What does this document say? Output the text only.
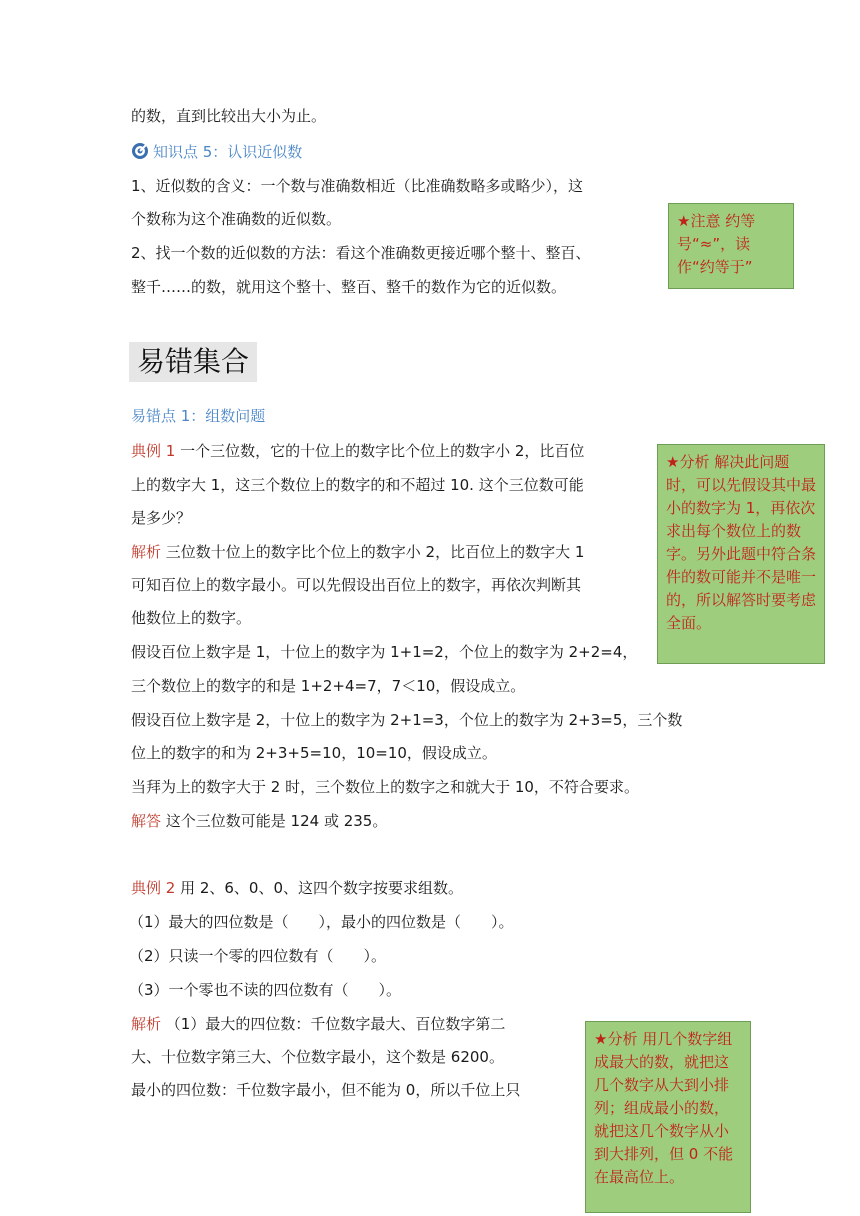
的数，直到比较出大小为止。
知识点 5：认识近似数
1、近似数的含义：一个数与准确数相近（比准确数略多或略少），这
个数称为这个准确数的近似数。
2、找一个数的近似数的方法：看这个准确数更接近哪个整十、整百、
整千……的数，就用这个整十、整百、整千的数作为它的近似数。
★注意 约等号“≈”，读作“约等于”
易错集合
易错点 1：组数问题
典例 1 一个三位数，它的十位上的数字比个位上的数字小 2，比百位
上的数字大 1，这三个数位上的数字的和不超过 10. 这个三位数可能
是多少？
解析 三位数十位上的数字比个位上的数字小 2，比百位上的数字大 1
可知百位上的数字最小。可以先假设出百位上的数字，再依次判断其
他数位上的数字。
假设百位上数字是 1，十位上的数字为 1+1=2，个位上的数字为 2+2=4，
三个数位上的数字的和是 1+2+4=7，7＜10，假设成立。
假设百位上数字是 2，十位上的数字为 2+1=3，个位上的数字为 2+3=5，三个数
位上的数字的和为 2+3+5=10，10=10，假设成立。
当拜为上的数字大于 2 时，三个数位上的数字之和就大于 10，不符合要求。
解答 这个三位数可能是 124 或 235。
★分析 解决此问题时，可以先假设其中最小的数字为 1，再依次求出每个数位上的数字。另外此题中符合条件的数可能并不是唯一的，所以解答时要考虑全面。
典例 2 用 2、6、0、0、这四个数字按要求组数。
（1）最大的四位数是（　　），最小的四位数是（　　）。
（2）只读一个零的四位数有（　　）。
（3）一个零也不读的四位数有（　　）。
解析 （1）最大的四位数：千位数字最大、百位数字第二
大、十位数字第三大、个位数字最小，这个数是 6200。
最小的四位数：千位数字最小，但不能为 0，所以千位上只
★分析 用几个数字组成最大的数，就把这几个数字从大到小排列；组成最小的数，就把这几个数字从小到大排列，但 0 不能在最高位上。
